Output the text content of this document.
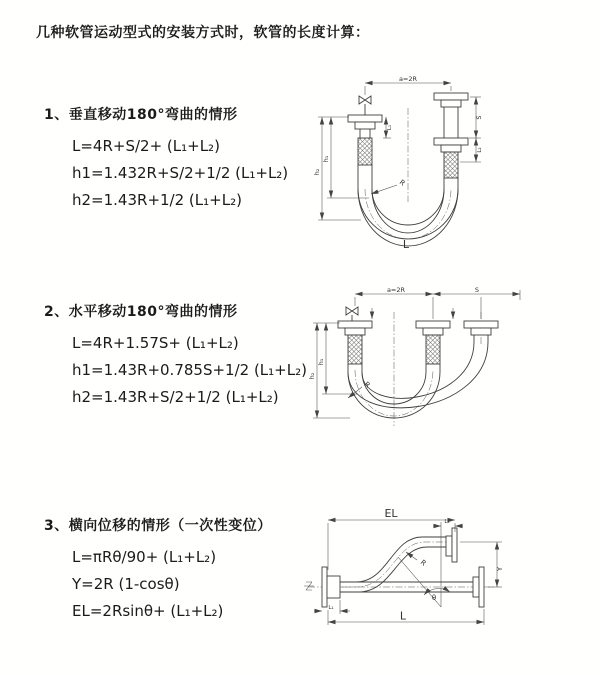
几种软管运动型式的安装方式时，软管的长度计算：
1、垂直移动180°弯曲的情形
L=4R+S/2+ (L₁+L₂)
h1=1.432R+S/2+1/2 (L₁+L₂)
h2=1.43R+1/2 (L₁+L₂)
a=2R
h₁
h₂
L₁
S
L₂
R
L
2、水平移动180°弯曲的情形
L=4R+1.57S+ (L₁+L₂)
h1=1.43R+0.785S+1/2 (L₁+L₂)
h2=1.43R+S/2+1/2 (L₁+L₂)
a=2R	S
h₁
h₂
R
3、横向位移的情形（一次性变位）
L=πRθ/90+ (L₁+L₂)
Y=2R (1-cosθ)
EL=2Rsinθ+ (L₁+L₂)
EL
L₂
Y
R
θ
L
L₁
